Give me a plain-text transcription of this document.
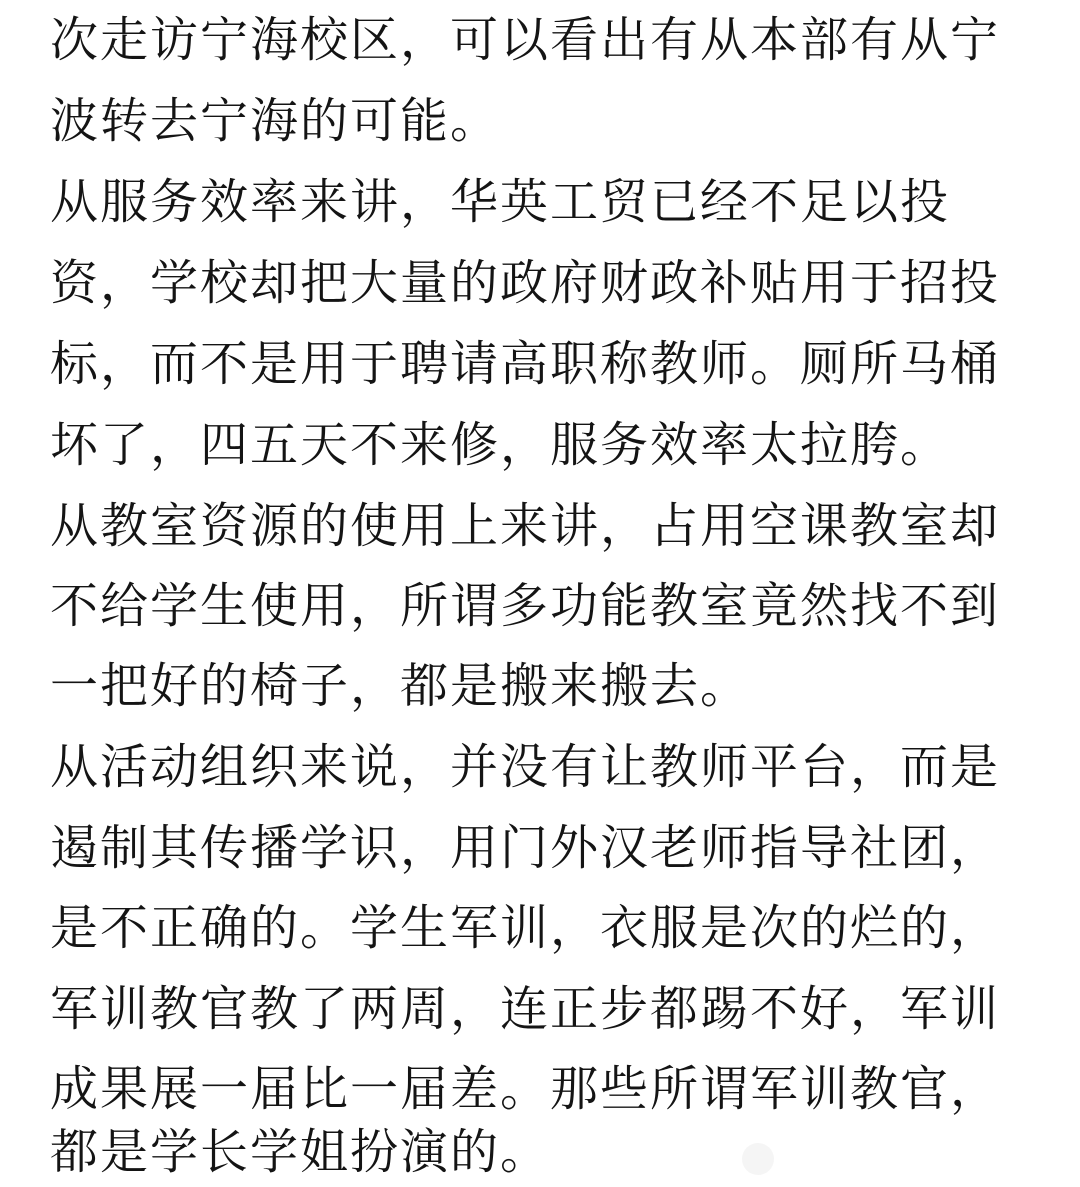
次走访宁海校区，可以看出有从本部有从宁
波转去宁海的可能。
从服务效率来讲，华英工贸已经不足以投
资，学校却把大量的政府财政补贴用于招投
标，而不是用于聘请高职称教师。厕所马桶
坏了，四五天不来修，服务效率太拉胯。
从教室资源的使用上来讲，占用空课教室却
不给学生使用，所谓多功能教室竟然找不到
一把好的椅子，都是搬来搬去。
从活动组织来说，并没有让教师平台，而是
遏制其传播学识，用门外汉老师指导社团，
是不正确的。学生军训，衣服是次的烂的，
军训教官教了两周，连正步都踢不好，军训
成果展一届比一届差。那些所谓军训教官，
都是学长学姐扮演的。
